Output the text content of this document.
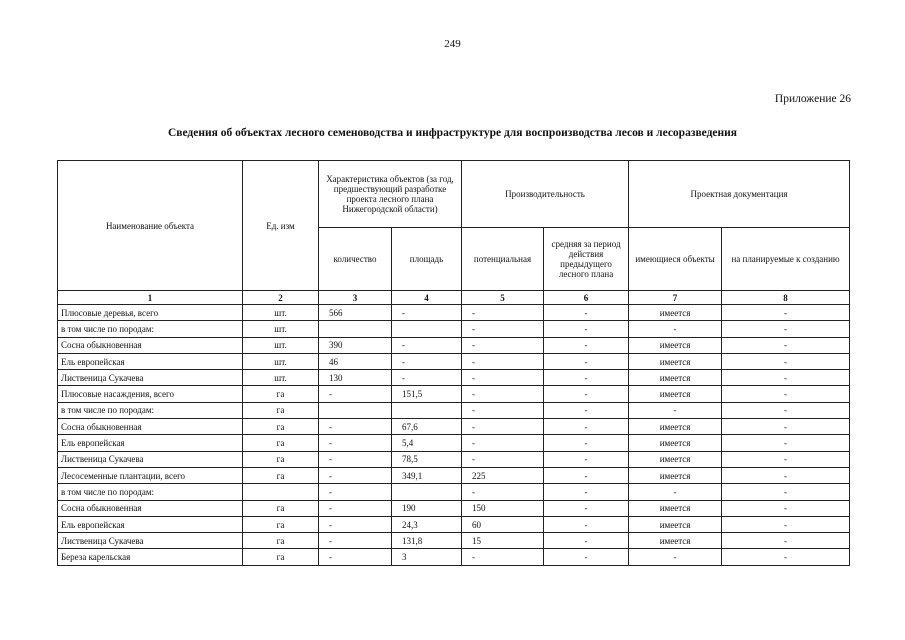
249
Приложение 26
Сведения об объектах лесного семеноводства и инфраструктуре для воспроизводства лесов и лесоразведения
Наименование объекта	Ед. изм	Характеристика объектов (за год, предшествующий разработке проекта лесного плана Нижегородской области)		Производительность		Проектная документация	
		количество	площадь	потенциальная	средняя за период действия предыдущего лесного плана	имеющиеся объекты	на планируемые к созданию
1	2	3	4	5	6	7	8
Плюсовые деревья, всего	шт.	566	-	-	-	имеется	-
в том числе по породам:	шт.			-	-	-	-
Сосна обыкновенная	шт.	390	-	-	-	имеется	-
Ель европейская	шт.	46	-	-	-	имеется	-
Лиственица Сукачева	шт.	130	-	-	-	имеется	-
Плюсовые насаждения, всего	га	-	151,5	-	-	имеется	-
в том числе по породам:	га			-	-	-	-
Сосна обыкновенная	га	-	67,6	-	-	имеется	-
Ель европейская	га	-	5,4	-	-	имеется	-
Лиственица Сукачева	га	-	78,5	-	-	имеется	-
Лесосеменные плантации, всего	га	-	349,1	225	-	имеется	-
в том числе по породам:		-		-	-	-	-
Сосна обыкновенная	га	-	190	150	-	имеется	-
Ель европейская	га	-	24,3	60	-	имеется	-
Лиственица Сукачева	га	-	131,8	15	-	имеется	-
Береза карельская	га	-	3	-	-	-	-
